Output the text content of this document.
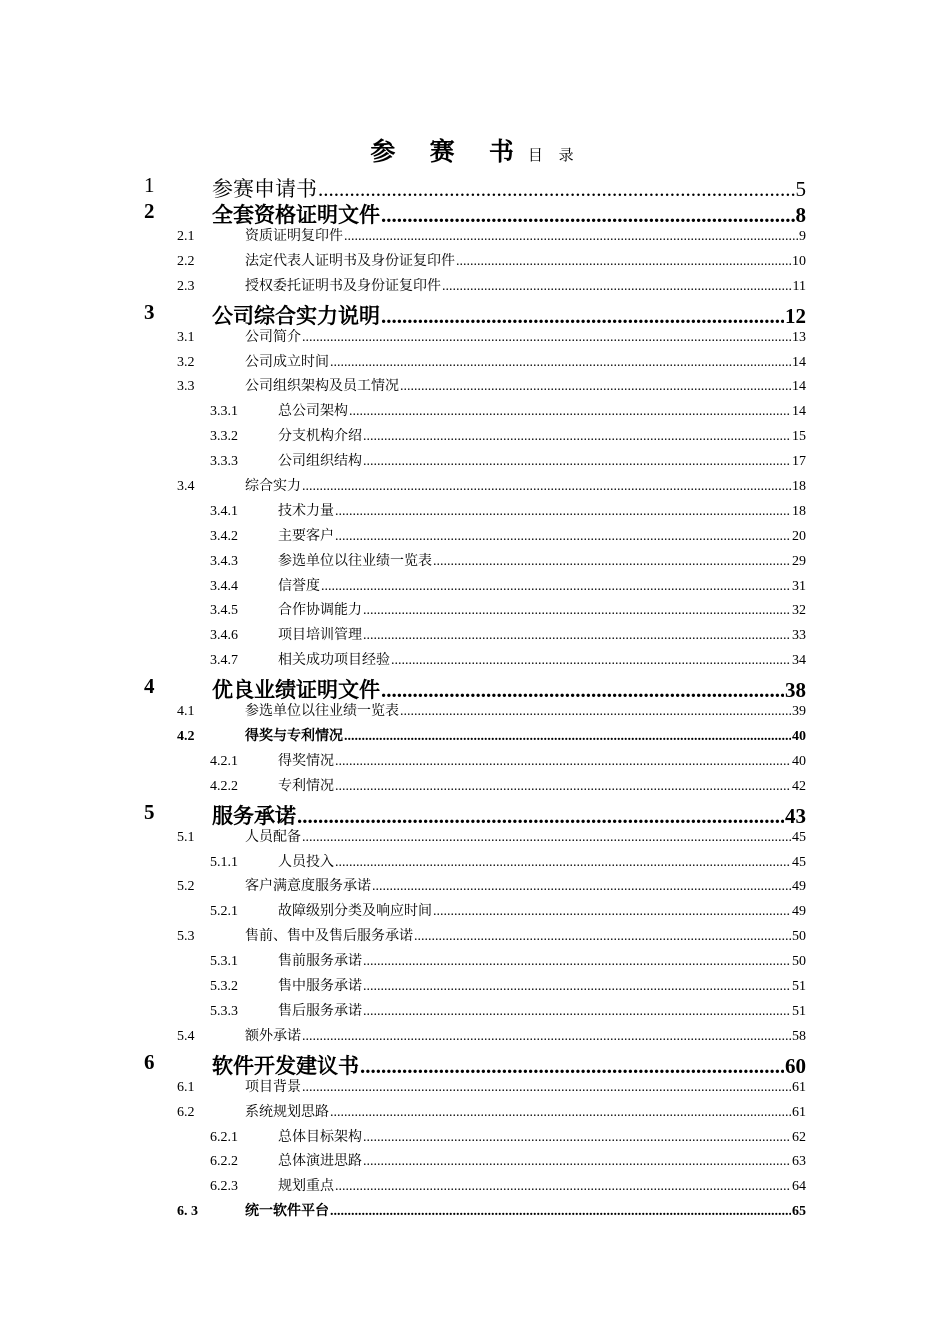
参 赛 书 目 录
1	参赛申请书 .....	5
2	全套资格证明文件 .....	8
2.1	资质证明复印件 .....	9
2.2	法定代表人证明书及身份证复印件 .....	10
2.3	授权委托证明书及身份证复印件 .....	11
3	公司综合实力说明 .....	12
3.1	公司简介 .....	13
3.2	公司成立时间 .....	14
3.3	公司组织架构及员工情况 .....	14
3.3.1	总公司架构 .....	14
3.3.2	分支机构介绍 .....	15
3.3.3	公司组织结构 .....	17
3.4	综合实力 .....	18
3.4.1	技术力量 .....	18
3.4.2	主要客户 .....	20
3.4.3	参选单位以往业绩一览表 .....	29
3.4.4	信誉度 .....	31
3.4.5	合作协调能力 .....	32
3.4.6	项目培训管理 .....	33
3.4.7	相关成功项目经验 .....	34
4	优良业绩证明文件 .....	38
4.1	参选单位以往业绩一览表 .....	39
4.2	得奖与专利情况 .....	40
4.2.1	得奖情况 .....	40
4.2.2	专利情况 .....	42
5	服务承诺 .....	43
5.1	人员配备 .....	45
5.1.1	人员投入 .....	45
5.2	客户满意度服务承诺 .....	49
5.2.1	故障级别分类及响应时间 .....	49
5.3	售前、售中及售后服务承诺 .....	50
5.3.1	售前服务承诺 .....	50
5.3.2	售中服务承诺 .....	51
5.3.3	售后服务承诺 .....	51
5.4	额外承诺 .....	58
6	软件开发建议书 .....	60
6.1	项目背景 .....	61
6.2	系统规划思路 .....	61
6.2.1	总体目标架构 .....	62
6.2.2	总体演进思路 .....	63
6.2.3	规划重点 .....	64
6. 3	统一软件平台 .....	65
